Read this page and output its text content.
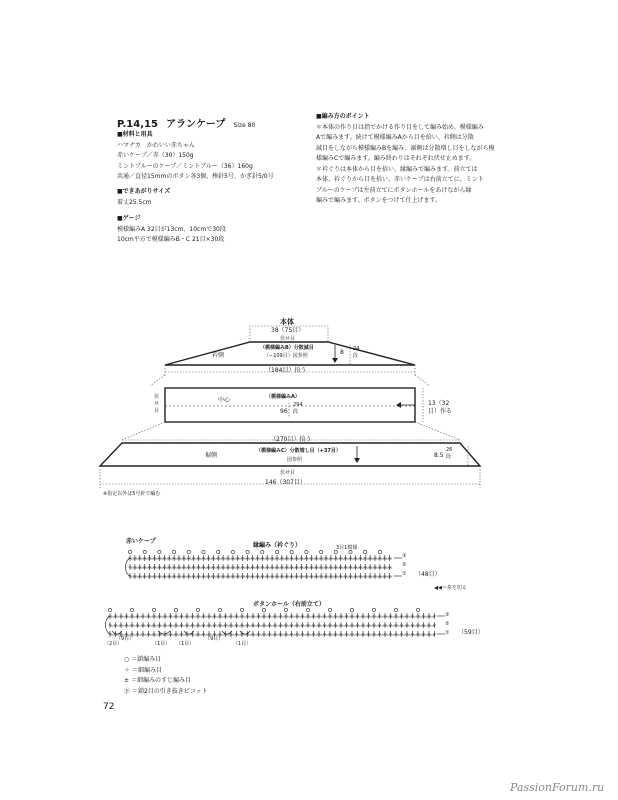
P.14,15 アランケープ Size 80
■材料と用具
ハマナカ　かわいい赤ちゃん
赤いケープ／赤（30）150g
ミントブルーのケープ／ミントブルー（36）160g
共通／直径15mmのボタン各3個、棒針5号、かぎ針5/0号
■できあがりサイズ
着丈25.5cm
■ゲージ
模様編みA 32目が13cm、10cmで30段
10cm平方で模様編みB・C 21目×30段
■編み方のポイント
＊本体の作り目は指でかける作り目をして編み始め、模様編み
Aで編みます。続けて模様編みAから目を拾い、衿側は分散
減目をしながら模様編みBを編み、裾側は分散増し目をしながら模
様編みCで編みます。編み終わりはそれぞれ伏せ止めます。
＊衿ぐりは本体から目を拾い、縁編みで編みます。前立ては
本体、衿ぐりから目を拾い、赤いケープは右前立てに、ミント
ブルーのケープは左前立てにボタンホールをあけながら縁
編みで編みます。ボタンをつけて仕上げます。
本体
38（75目）
伏せ目
衿側
（模様編みB）分散減目
（−109目）図参照	8 24段
（184目）拾う
伏せ目
中心	（模様編みA）
96
294段
13（32目）作る
（270目）拾う
裾側
（模様編みC）分散増し目（+37目）
図参照
8.5
26段
伏せ目
146（307目）
※指定以外は5号針で編む
赤いケープ
縁編み（衿ぐり）	3目1模様
③
②
① （48目）
◀＝糸を切る
ボタンホール（右前立て）
③
②
① （59目）
（2目）	（1目）
（9目）
（1目）
（9目）
（1目）
○ ＝鎖編み目
＋ ＝細編み目
± ＝細編みのすじ編み目
ⓟ ＝鎖2目の引き抜きピコット
72
PassionForum.ru
